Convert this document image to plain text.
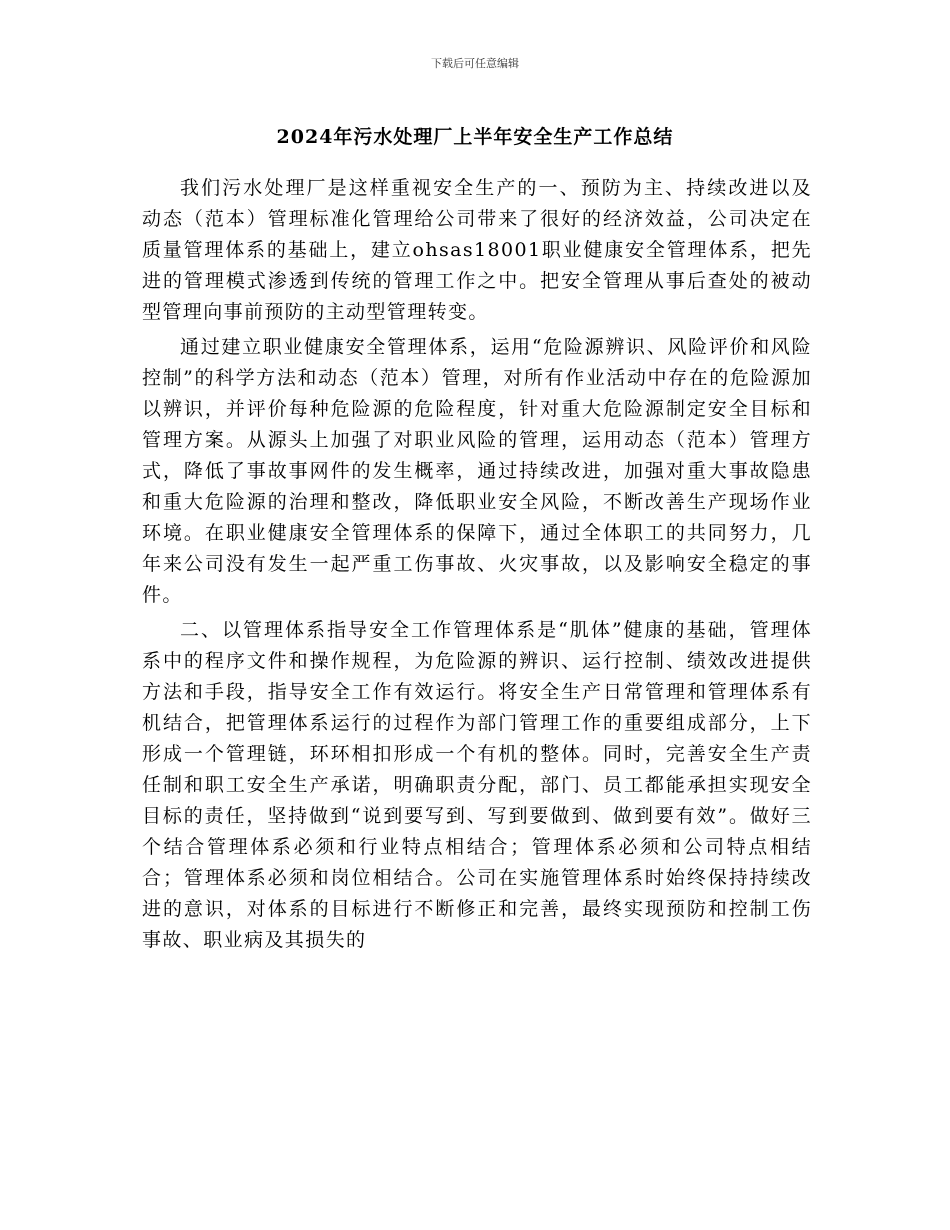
下载后可任意编辑
2024年污水处理厂上半年安全生产工作总结

我们污水处理厂是这样重视安全生产的一、预防为主、持续改进以及动态（范本）管理标准化管理给公司带来了很好的经济效益，公司决定在质量管理体系的基础上，建立ohsas18001职业健康安全管理体系，把先进的管理模式渗透到传统的管理工作之中。把安全管理从事后查处的被动型管理向事前预防的主动型管理转变。

通过建立职业健康安全管理体系，运用“危险源辨识、风险评价和风险控制”的科学方法和动态（范本）管理，对所有作业活动中存在的危险源加以辨识，并评价每种危险源的危险程度，针对重大危险源制定安全目标和管理方案。从源头上加强了对职业风险的管理，运用动态（范本）管理方式，降低了事故事网件的发生概率，通过持续改进，加强对重大事故隐患和重大危险源的治理和整改，降低职业安全风险，不断改善生产现场作业环境。在职业健康安全管理体系的保障下，通过全体职工的共同努力，几年来公司没有发生一起严重工伤事故、火灾事故，以及影响安全稳定的事件。

二、以管理体系指导安全工作管理体系是“肌体”健康的基础，管理体系中的程序文件和操作规程，为危险源的辨识、运行控制、绩效改进提供方法和手段，指导安全工作有效运行。将安全生产日常管理和管理体系有机结合，把管理体系运行的过程作为部门管理工作的重要组成部分，上下形成一个管理链，环环相扣形成一个有机的整体。同时，完善安全生产责任制和职工安全生产承诺，明确职责分配，部门、员工都能承担实现安全目标的责任，坚持做到“说到要写到、写到要做到、做到要有效”。做好三个结合管理体系必须和行业特点相结合；管理体系必须和公司特点相结合；管理体系必须和岗位相结合。公司在实施管理体系时始终保持持续改进的意识，对体系的目标进行不断修正和完善，最终实现预防和控制工伤事故、职业病及其损失的
